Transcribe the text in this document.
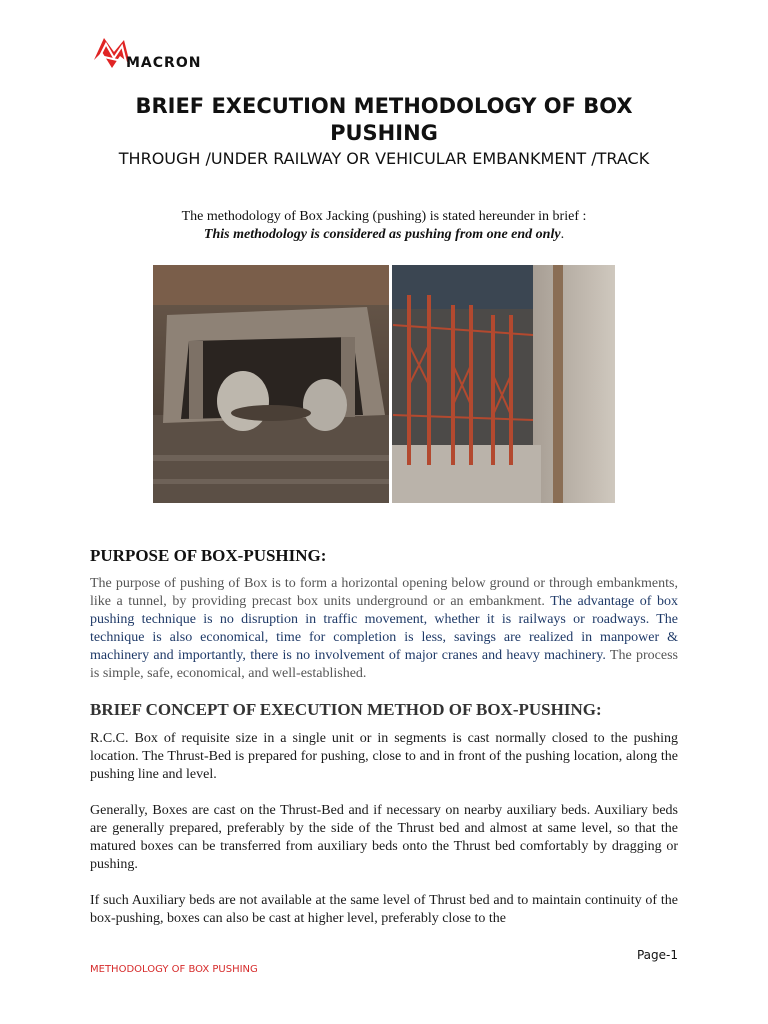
MACRON
BRIEF EXECUTION METHODOLOGY OF BOX PUSHING
THROUGH /UNDER RAILWAY OR VEHICULAR EMBANKMENT /TRACK
The methodology of Box Jacking (pushing) is stated hereunder in brief :
This methodology is considered as pushing from one end only.
PURPOSE OF BOX-PUSHING:
The purpose of pushing of Box is to form a horizontal opening below ground or through embankments, like a tunnel, by providing precast box units underground or an embankment. The advantage of box pushing technique is no disruption in traffic movement, whether it is railways or roadways. The technique is also economical, time for completion is less, savings are realized in manpower & machinery and importantly, there is no involvement of major cranes and heavy machinery. The process is simple, safe, economical, and well-established.
BRIEF CONCEPT OF EXECUTION METHOD OF BOX-PUSHING:
R.C.C. Box of requisite size in a single unit or in segments is cast normally closed to the pushing location. The Thrust-Bed is prepared for pushing, close to and in front of the pushing location, along the pushing line and level.
Generally, Boxes are cast on the Thrust-Bed and if necessary on nearby auxiliary beds. Auxiliary beds are generally prepared, preferably by the side of the Thrust bed and almost at same level, so that the matured boxes can be transferred from auxiliary beds onto the Thrust bed comfortably by dragging or pushing.
If such Auxiliary beds are not available at the same level of Thrust bed and to maintain continuity of the box-pushing, boxes can also be cast at higher level, preferably close to the
Page-1
METHODOLOGY OF BOX PUSHING
